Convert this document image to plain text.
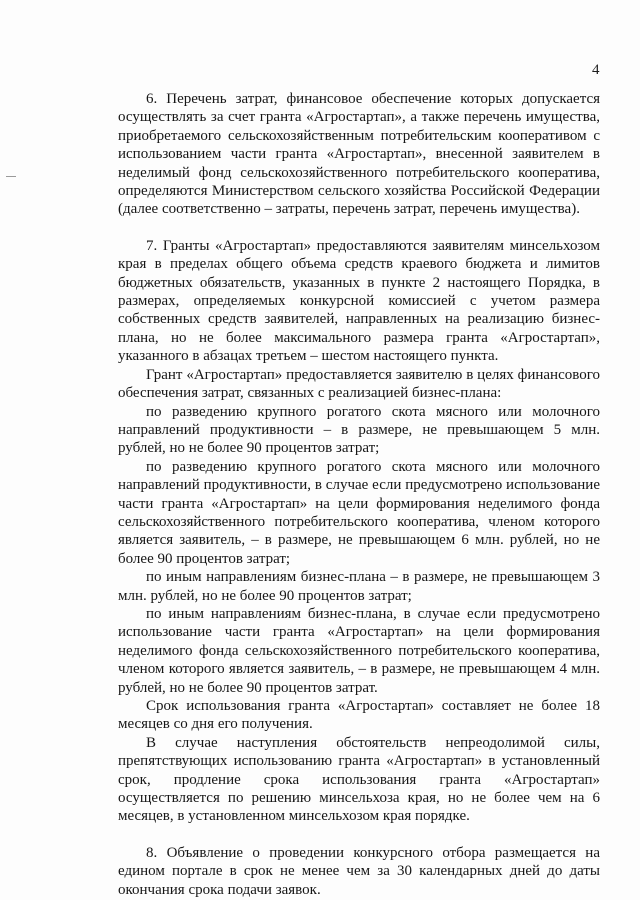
4

6. Перечень затрат, финансовое обеспечение которых допускается осуществлять за счет гранта «Агростартап», а также перечень имущества, приобретаемого сельскохозяйственным потребительским кооперативом с использованием части гранта «Агростартап», внесенной заявителем в неделимый фонд сельскохозяйственного потребительского кооператива, определяются Министерством сельского хозяйства Российской Федерации (далее соответственно – затраты, перечень затрат, перечень имущества).

7. Гранты «Агростартап» предоставляются заявителям минсельхозом края в пределах общего объема средств краевого бюджета и лимитов бюджетных обязательств, указанных в пункте 2 настоящего Порядка, в размерах, определяемых конкурсной комиссией с учетом размера собственных средств заявителей, направленных на реализацию бизнес-плана, но не более максимального размера гранта «Агростартап», указанного в абзацах третьем – шестом настоящего пункта.

Грант «Агростартап» предоставляется заявителю в целях финансового обеспечения затрат, связанных с реализацией бизнес-плана:

по разведению крупного рогатого скота мясного или молочного направлений продуктивности – в размере, не превышающем 5 млн. рублей, но не более 90 процентов затрат;

по разведению крупного рогатого скота мясного или молочного направлений продуктивности, в случае если предусмотрено использование части гранта «Агростартап» на цели формирования неделимого фонда сельскохозяйственного потребительского кооператива, членом которого является заявитель, – в размере, не превышающем 6 млн. рублей, но не более 90 процентов затрат;

по иным направлениям бизнес-плана – в размере, не превышающем 3 млн. рублей, но не более 90 процентов затрат;

по иным направлениям бизнес-плана, в случае если предусмотрено использование части гранта «Агростартап» на цели формирования неделимого фонда сельскохозяйственного потребительского кооператива, членом которого является заявитель, – в размере, не превышающем 4 млн. рублей, но не более 90 процентов затрат.

Срок использования гранта «Агростартап» составляет не более 18 месяцев со дня его получения.

В случае наступления обстоятельств непреодолимой силы, препятствующих использованию гранта «Агростартап» в установленный срок, продление срока использования гранта «Агростартап» осуществляется по решению минсельхоза края, но не более чем на 6 месяцев, в установленном минсельхозом края порядке.

8. Объявление о проведении конкурсного отбора размещается на едином портале в срок не менее чем за 30 календарных дней до даты окончания срока подачи заявок.
